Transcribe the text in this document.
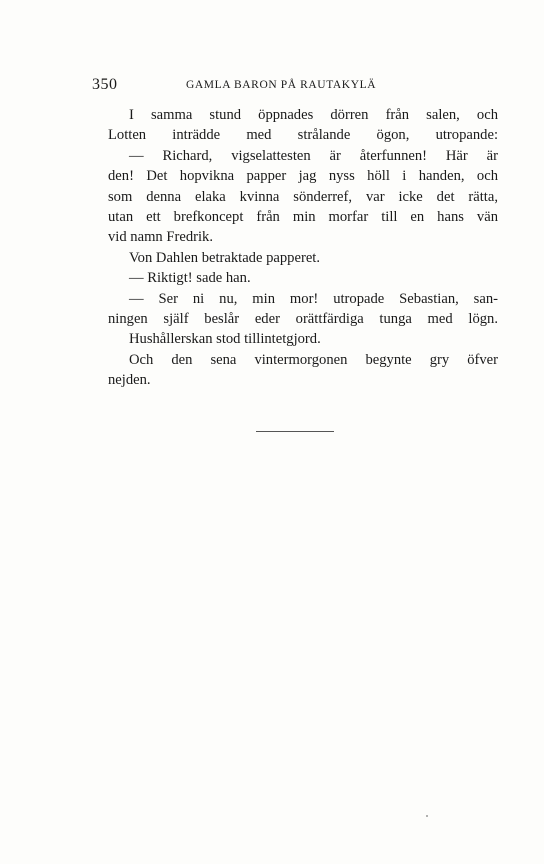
350	GAMLA BARON PÅ RAUTAKYLÄ
I samma stund öppnades dörren från salen, och
Lotten inträdde med strålande ögon, utropande:
— Richard, vigselattesten är återfunnen! Här är
den! Det hopvikna papper jag nyss höll i handen, och
som denna elaka kvinna sönderref, var icke det rätta,
utan ett brefkoncept från min morfar till en hans vän
vid namn Fredrik.
Von Dahlen betraktade papperet.
— Riktigt! sade han.
— Ser ni nu, min mor! utropade Sebastian, san-
ningen själf beslår eder orättfärdiga tunga med lögn.
Hushållerskan stod tillintetgjord.
Och den sena vintermorgonen begynte gry öfver
nejden.
